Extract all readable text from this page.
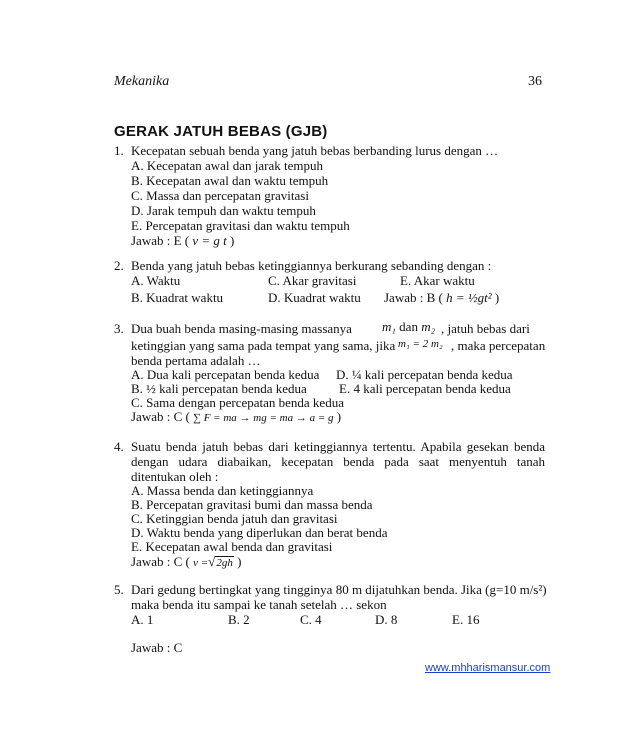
Mekanika	36
GERAK JATUH BEBAS (GJB)
1. Kecepatan sebuah benda yang jatuh bebas berbanding lurus dengan …
A. Kecepatan awal dan jarak tempuh
B. Kecepatan awal dan waktu tempuh
C. Massa dan percepatan gravitasi
D. Jarak tempuh dan waktu tempuh
E. Percepatan gravitasi dan waktu tempuh
Jawab : E ( v = g t )
2. Benda yang jatuh bebas ketinggiannya berkurang sebanding dengan :
A. Waktu	C. Akar gravitasi	E. Akar waktu
B. Kuadrat waktu	D. Kuadrat waktu Jawab : B ( h = ½gt² )
3. Dua buah benda masing-masing massanya m₁ dan m₂ , jatuh bebas dari
ketinggian yang sama pada tempat yang sama, jika m₁ = 2 m₂ , maka percepatan
benda pertama adalah …
A. Dua kali percepatan benda kedua D. ¼ kali percepatan benda kedua
B. ½ kali percepatan benda kedua E. 4 kali percepatan benda kedua
C. Sama dengan percepatan benda kedua
Jawab : C ( ∑ F = ma → mg = ma → a = g )
4. Suatu benda jatuh bebas dari ketinggiannya tertentu. Apabila gesekan benda dengan udara diabaikan, kecepatan benda pada saat menyentuh tanah ditentukan oleh :
A. Massa benda dan ketinggiannya
B. Percepatan gravitasi bumi dan massa benda
C. Ketinggian benda jatuh dan gravitasi
D. Waktu benda yang diperlukan dan berat benda
E. Kecepatan awal benda dan gravitasi
Jawab : C ( v =√2gh )
5. Dari gedung bertingkat yang tingginya 80 m dijatuhkan benda. Jika (g=10 m/s²)
maka benda itu sampai ke tanah setelah … sekon
A. 1	B. 2	C. 4	D. 8	E. 16
Jawab : C
www.mhharismansur.com
